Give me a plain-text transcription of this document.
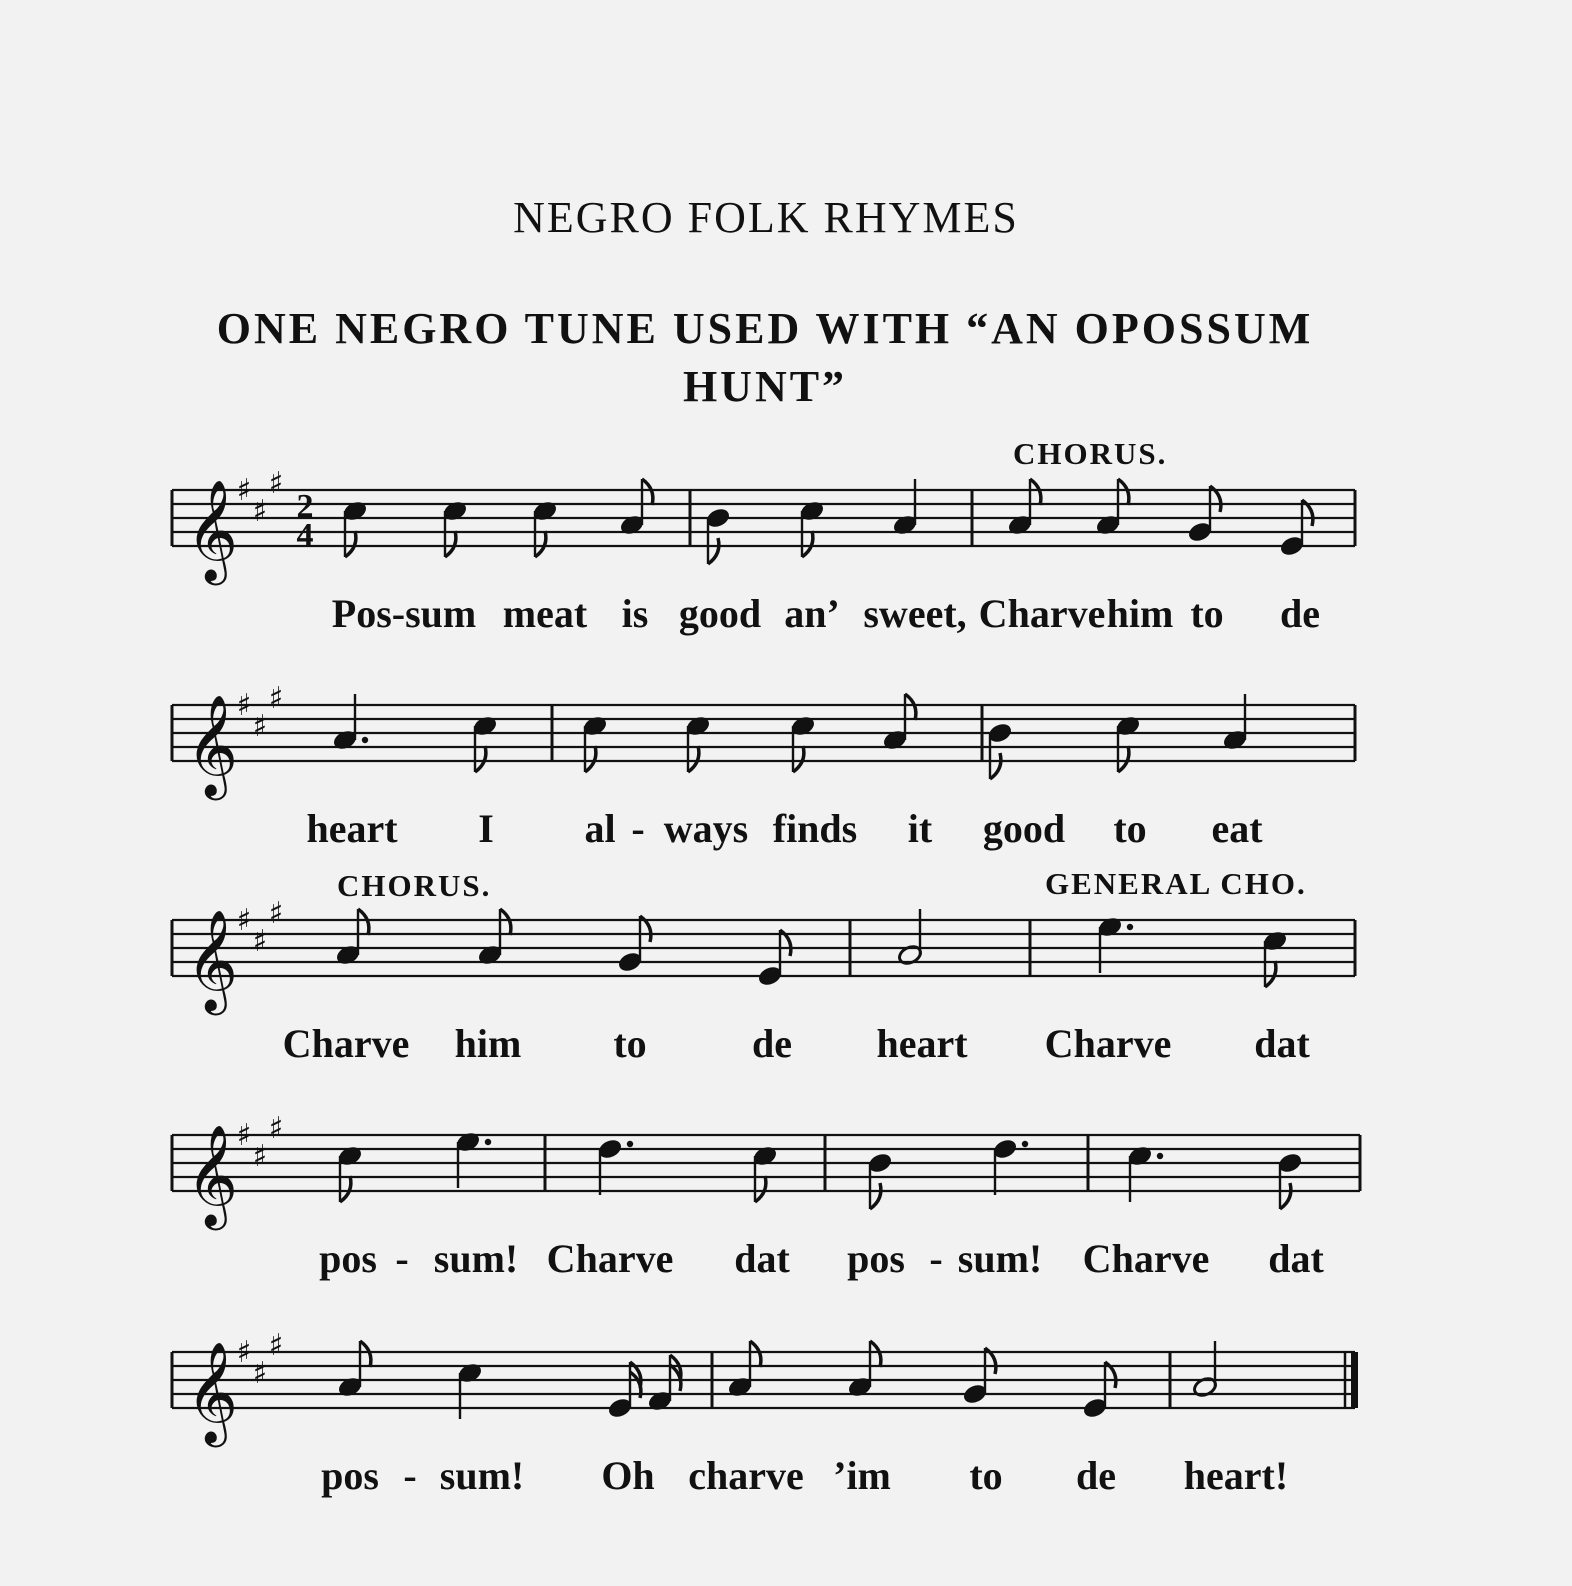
NEGRO FOLK RHYMES
ONE NEGRO TUNE USED WITH “AN OPOSSUM
HUNT”
CHORUS.
𝄞
♯
♯
♯
2
4
Pos-sum meat is good an’ sweet, Charve him to de
𝄞
♯
♯
♯
heart I al - ways finds it good to eat
CHORUS.	GENERAL CHO.
𝄞
♯
♯
♯
Charve him to	de heart Charve dat
𝄞
♯
♯
♯
pos - sum! Charve dat pos - sum! Charve dat
𝄞
♯
♯
♯
pos - sum! Oh charve ’im to de heart!
